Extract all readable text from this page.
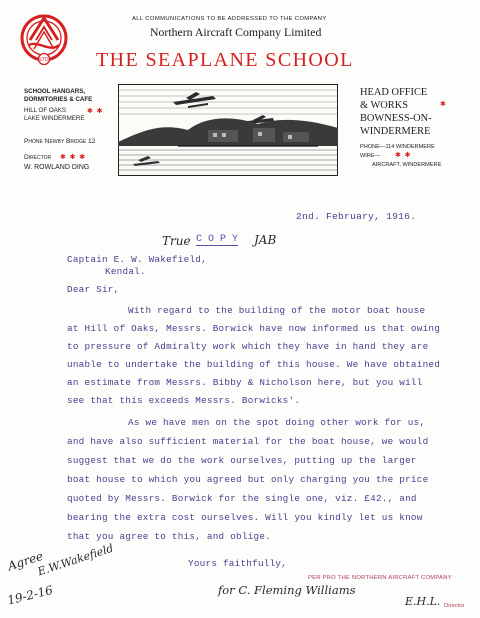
LTD
ALL COMMUNICATIONS TO BE ADDRESSED TO THE COMPANY
Northern Aircraft Company Limited
THE SEAPLANE SCHOOL
SCHOOL HANGARS,
DORMITORIES & CAFE
HILL OF OAKS	✱ ✱
LAKE WINDERMERE
Phone Newby Bridge 12
Director ✱ ✱ ✱
W. ROWLAND DING
HEAD OFFICE
✱
& WORKS
BOWNESS-ON-
WINDERMERE
PHONE—114 WINDERMERE
WIRE— ✱ ✱
AIRCRAFT, WINDERMERE
2nd. February, 1916.
True C O P Y JAB
Captain E. W. Wakefield,
Kendal.
Dear Sir,
With regard to the building of the motor boat house
at Hill of Oaks, Messrs. Borwick have now informed us that owing
to pressure of Admiralty work which they have in hand they are
unable to undertake the building of this house. We have obtained
an estimate from Messrs. Bibby & Nicholson here, but you will
see that this exceeds Messrs. Borwicks'.
As we have men on the spot doing other work for us,
and have also sufficient material for the boat house, we would
suggest that we do the work ourselves, putting up the larger
boat house to which you agreed but only charging you the price
quoted by Messrs. Borwick for the single one, viz. £42., and
bearing the extra cost ourselves. Will you kindly let us know
that you agree to this, and oblige.
Yours faithfully,
PER PRO THE NORTHERN AIRCRAFT COMPANY
for C. Fleming Williams
E.H.L. Director
Agree
E.W.Wakefield
19-2-16
